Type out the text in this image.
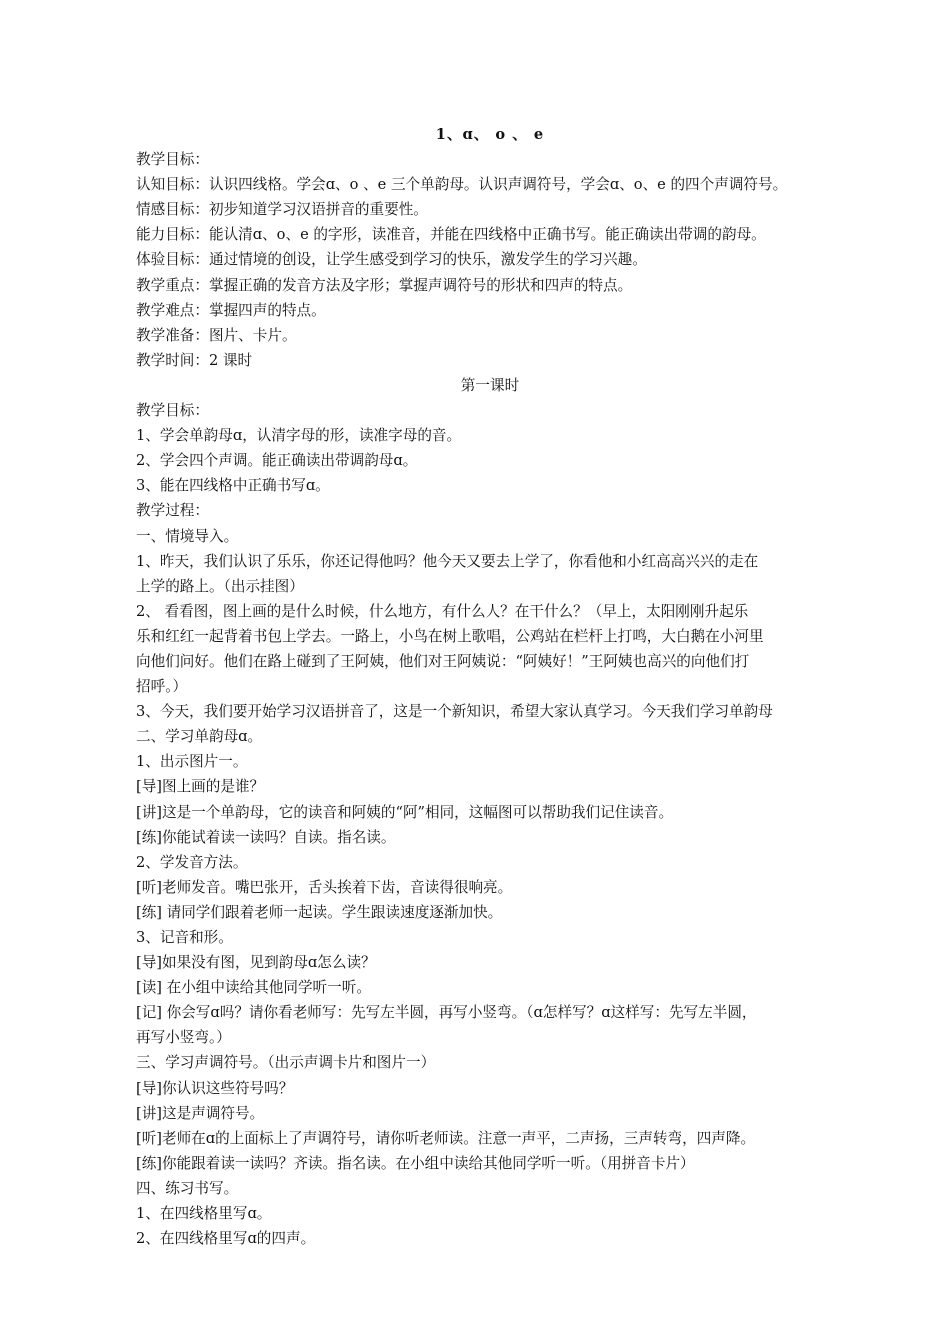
1、ɑ、 o 、 e
教学目标：
认知目标：认识四线格。学会ɑ、o 、e 三个单韵母。认识声调符号，学会ɑ、o、e 的四个声调符号。
情感目标：初步知道学习汉语拼音的重要性。
能力目标：能认清ɑ、o、e 的字形，读准音，并能在四线格中正确书写。能正确读出带调的韵母。
体验目标：通过情境的创设，让学生感受到学习的快乐，激发学生的学习兴趣。
教学重点：掌握正确的发音方法及字形；掌握声调符号的形状和四声的特点。
教学难点：掌握四声的特点。
教学准备：图片、卡片。
教学时间：2 课时
第一课时
教学目标：
1、学会单韵母ɑ，认清字母的形，读准字母的音。
2、学会四个声调。能正确读出带调韵母ɑ。
3、能在四线格中正确书写ɑ。
教学过程：
一、情境导入。
1、昨天，我们认识了乐乐，你还记得他吗？他今天又要去上学了，你看他和小红高高兴兴的走在
上学的路上。（出示挂图）
2、 看看图，图上画的是什么时候，什么地方，有什么人？在干什么？（早上，太阳刚刚升起乐
乐和红红一起背着书包上学去。一路上，小鸟在树上歌唱，公鸡站在栏杆上打鸣，大白鹅在小河里
向他们问好。他们在路上碰到了王阿姨，他们对王阿姨说：“阿姨好！”王阿姨也高兴的向他们打
招呼。）
3、今天，我们要开始学习汉语拼音了，这是一个新知识，希望大家认真学习。今天我们学习单韵母
二、学习单韵母ɑ。
1、出示图片一。
[导]图上画的是谁？
[讲]这是一个单韵母，它的读音和阿姨的“阿”相同，这幅图可以帮助我们记住读音。
[练]你能试着读一读吗？自读。指名读。
2、学发音方法。
[听]老师发音。嘴巴张开，舌头挨着下齿，音读得很响亮。
[练] 请同学们跟着老师一起读。学生跟读速度逐渐加快。
3、记音和形。
[导]如果没有图，见到韵母ɑ怎么读？
[读] 在小组中读给其他同学听一听。
[记] 你会写ɑ吗？请你看老师写：先写左半圆，再写小竖弯。（ɑ怎样写？ɑ这样写：先写左半圆，
再写小竖弯。）
三、学习声调符号。（出示声调卡片和图片一）
[导]你认识这些符号吗？
[讲]这是声调符号。
[听]老师在ɑ的上面标上了声调符号，请你听老师读。注意一声平，二声扬，三声转弯，四声降。
[练]你能跟着读一读吗？齐读。指名读。在小组中读给其他同学听一听。（用拼音卡片）
四、练习书写。
1、在四线格里写ɑ。
2、在四线格里写ɑ的四声。
